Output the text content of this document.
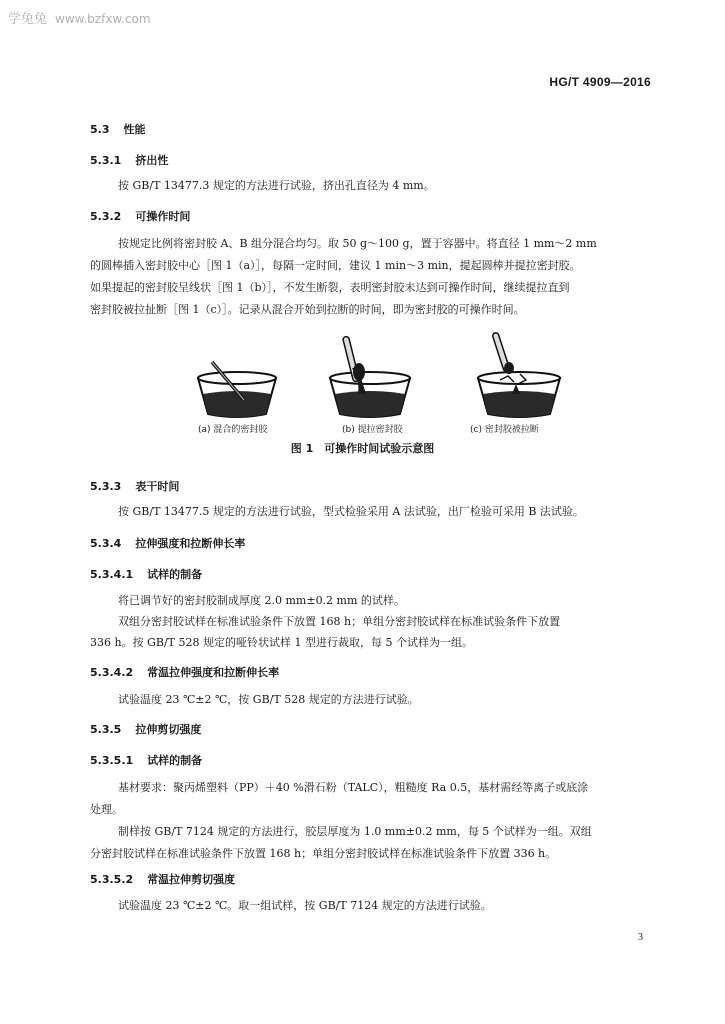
学兔兔 www.bzfxw.com
HG/T 4909—2016
5.3 性能
5.3.1 挤出性
按 GB/T 13477.3 规定的方法进行试验，挤出孔直径为 4 mm。
5.3.2 可操作时间
按规定比例将密封胶 A、B 组分混合均匀。取 50 g～100 g，置于容器中。将直径 1 mm～2 mm
的圆棒插入密封胶中心［图 1（a）］，每隔一定时间，建议 1 min～3 min，提起圆棒并提拉密封胶。
如果提起的密封胶呈线状［图 1（b）］，不发生断裂，表明密封胶未达到可操作时间，继续提拉直到
密封胶被拉扯断［图 1（c）］。记录从混合开始到拉断的时间，即为密封胶的可操作时间。
(a) 混合的密封胶	(b) 提拉密封胶	(c) 密封胶被拉断
图 1　可操作时间试验示意图
5.3.3 表干时间
按 GB/T 13477.5 规定的方法进行试验，型式检验采用 A 法试验，出厂检验可采用 B 法试验。
5.3.4 拉伸强度和拉断伸长率
5.3.4.1 试样的制备
将已调节好的密封胶制成厚度 2.0 mm±0.2 mm 的试样。
双组分密封胶试样在标准试验条件下放置 168 h；单组分密封胶试样在标准试验条件下放置
336 h。按 GB/T 528 规定的哑铃状试样 1 型进行裁取，每 5 个试样为一组。
5.3.4.2 常温拉伸强度和拉断伸长率
试验温度 23 ℃±2 ℃，按 GB/T 528 规定的方法进行试验。
5.3.5 拉伸剪切强度
5.3.5.1 试样的制备
基材要求：聚丙烯塑料（PP）＋40 %滑石粉（TALC），粗糙度 Ra 0.5，基材需经等离子或底涂
处理。
制样按 GB/T 7124 规定的方法进行，胶层厚度为 1.0 mm±0.2 mm，每 5 个试样为一组。双组
分密封胶试样在标准试验条件下放置 168 h；单组分密封胶试样在标准试验条件下放置 336 h。
5.3.5.2 常温拉伸剪切强度
试验温度 23 ℃±2 ℃。取一组试样，按 GB/T 7124 规定的方法进行试验。
3
